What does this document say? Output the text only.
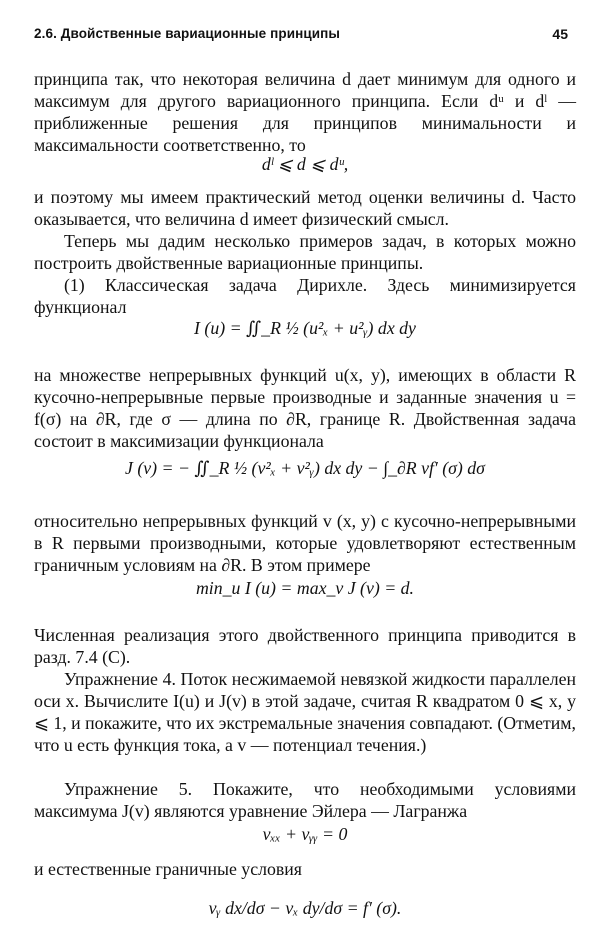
2.6. Двойственные вариационные принципы	45

принципа так, что некоторая величина d дает минимум для одного и максимум для другого вариационного принципа. Если dᵘ и dˡ — приближенные решения для принципов минимальности и максимальности соответственно, то

dˡ ⩽ d ⩽ dᵘ,

и поэтому мы имеем практический метод оценки величины d. Часто оказывается, что величина d имеет физический смысл.

Теперь мы дадим несколько примеров задач, в которых можно построить двойственные вариационные принципы.

(1) Классическая задача Дирихле. Здесь минимизируется функционал

I (u) = ∬_R ½ (u²ₓ + u²ᵧ) dx dy

на множестве непрерывных функций u(x, y), имеющих в области R кусочно-непрерывные первые производные и заданные значения u = f(σ) на ∂R, где σ — длина по ∂R, границе R. Двойственная задача состоит в максимизации функционала

J (v) = − ∬_R ½ (v²ₓ + v²ᵧ) dx dy − ∫_∂R vf′ (σ) dσ

относительно непрерывных функций v (x, y) с кусочно-непрерывными в R первыми производными, которые удовлетворяют естественным граничным условиям на ∂R. В этом примере

min_u I (u) = max_v J (v) = d.

Численная реализация этого двойственного принципа приводится в разд. 7.4 (C).

Упражнение 4. Поток несжимаемой невязкой жидкости параллелен оси x. Вычислите I(u) и J(v) в этой задаче, считая R квадратом 0 ⩽ x, y ⩽ 1, и покажите, что их экстремальные значения совпадают. (Отметим, что u есть функция тока, а v — потенциал течения.)

Упражнение 5. Покажите, что необходимыми условиями максимума J(v) являются уравнение Эйлера — Лагранжа

vₓₓ + vᵧᵧ = 0

и естественные граничные условия

vᵧ dx/dσ − vₓ dy/dσ = f′ (σ).
